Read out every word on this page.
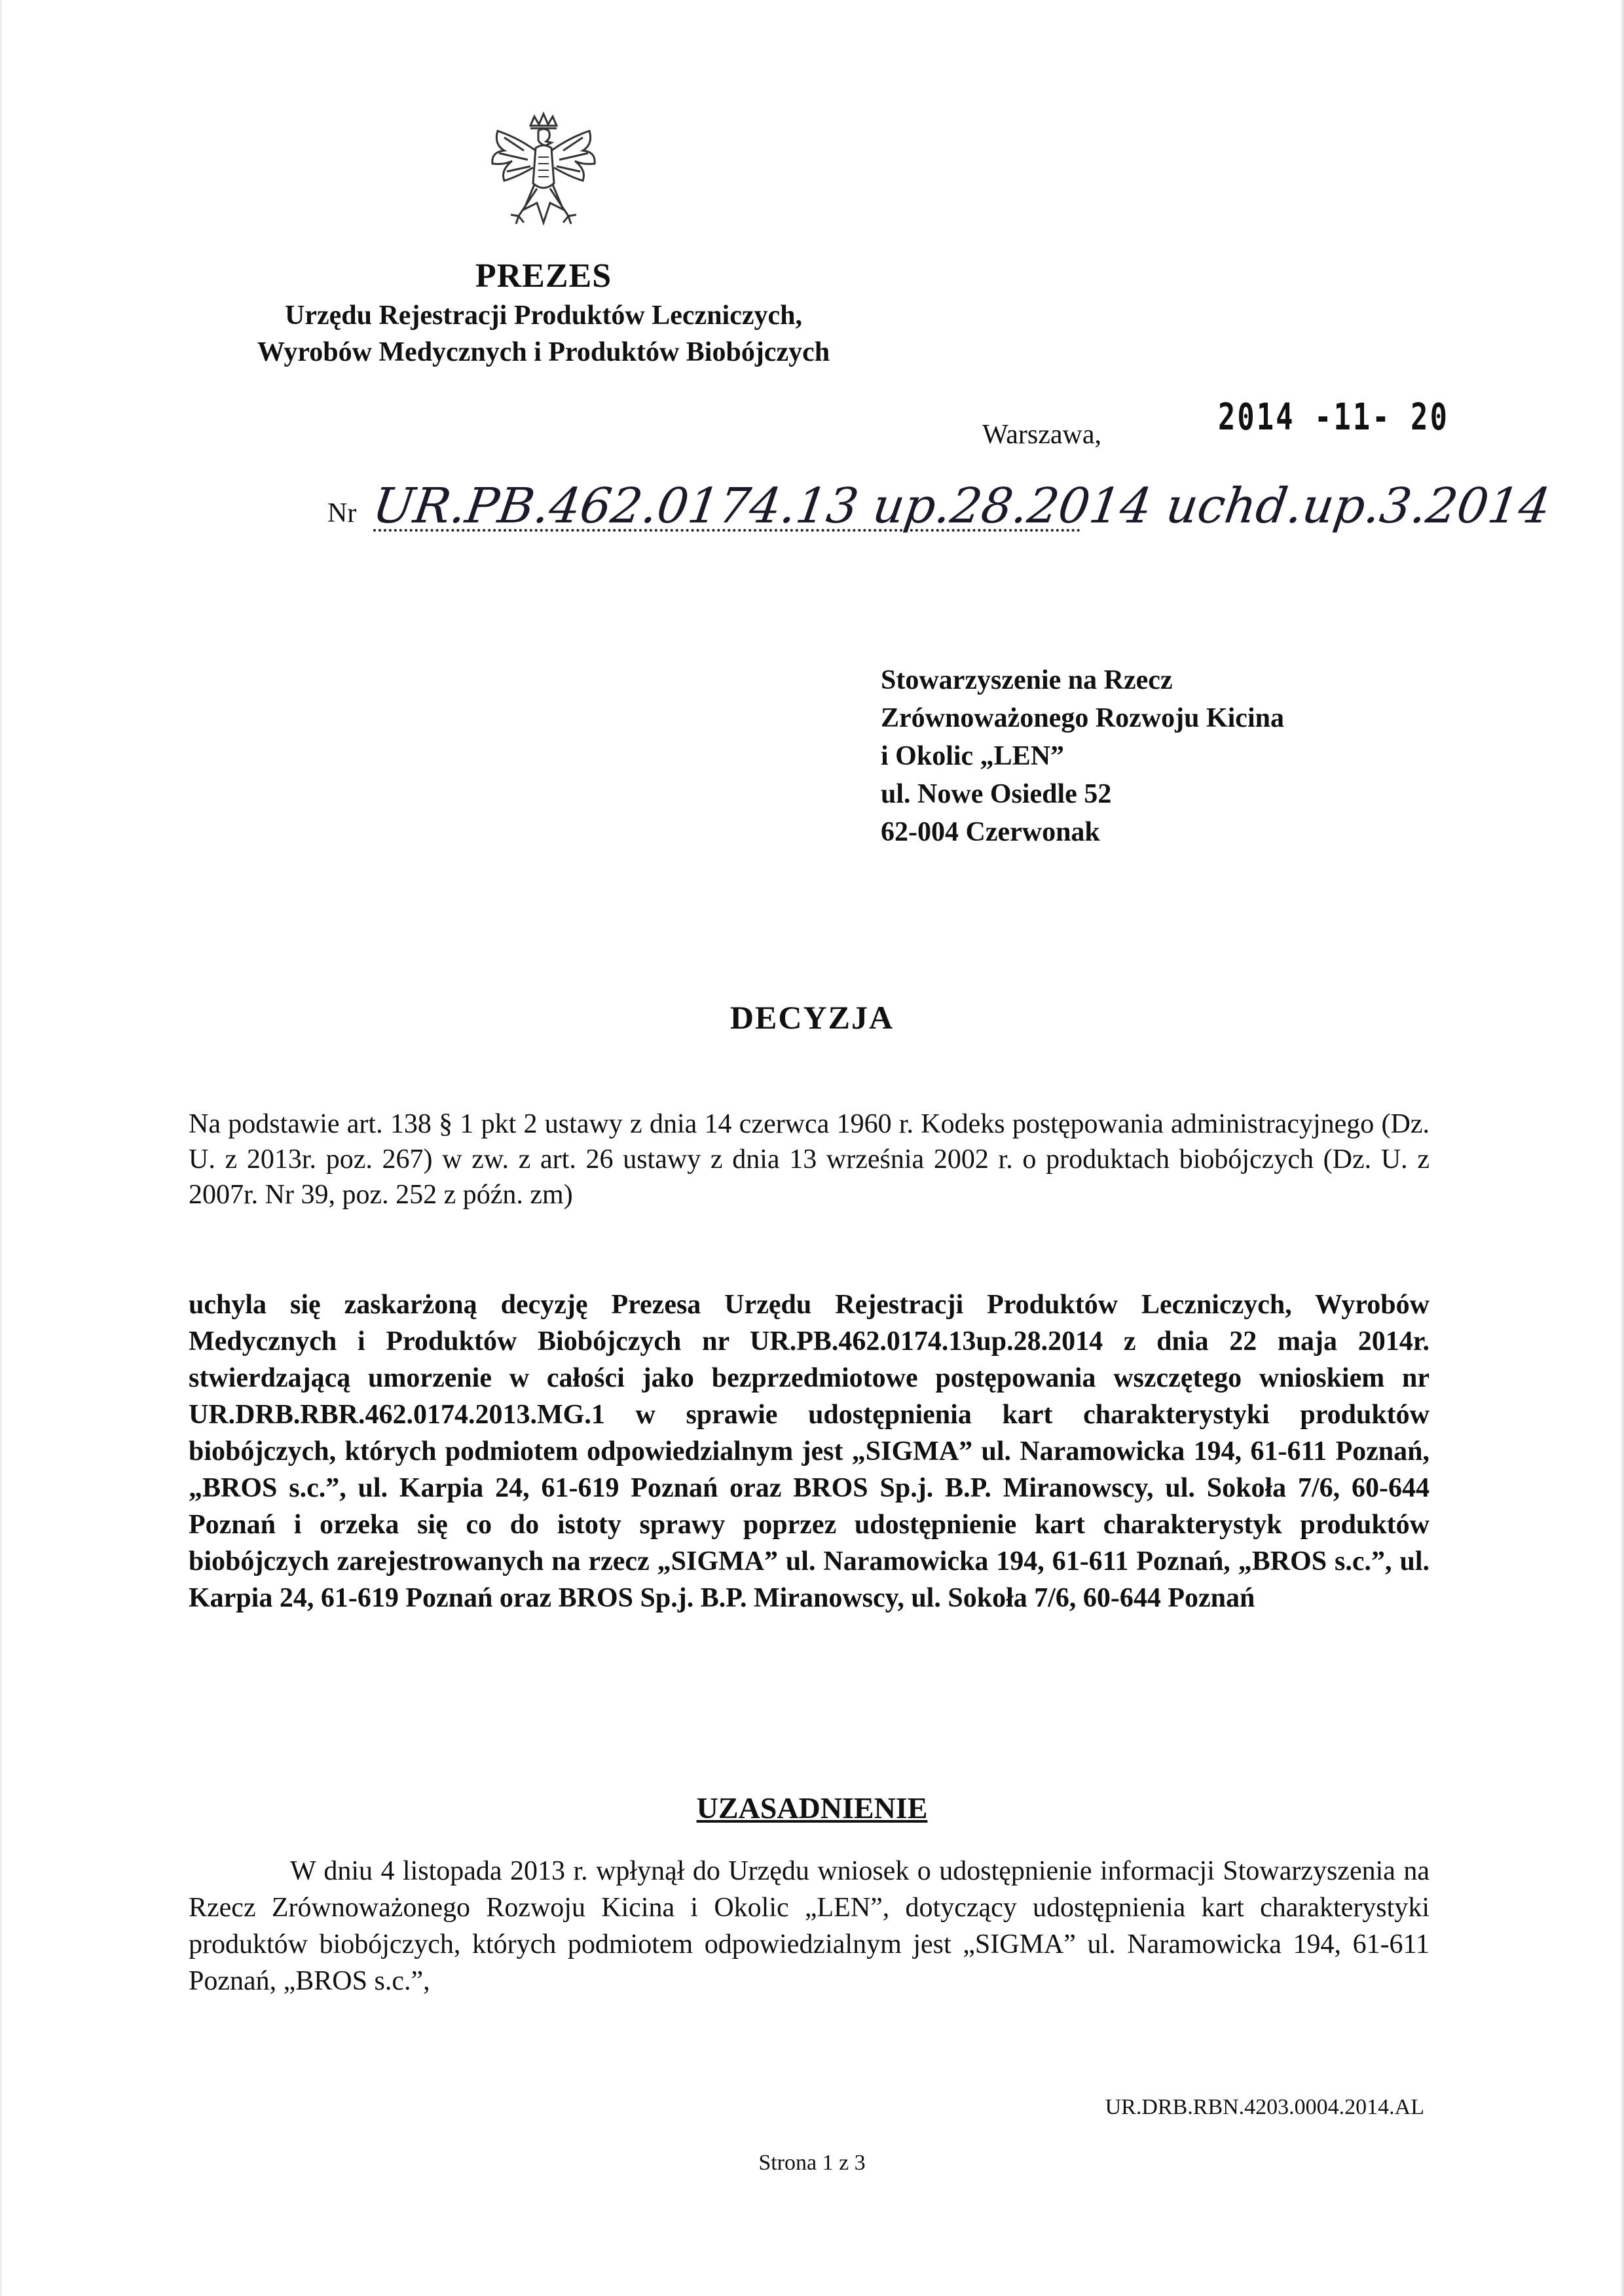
PREZES
Urzędu Rejestracji Produktów Leczniczych,
Wyrobów Medycznych i Produktów Biobójczych
Warszawa,	2014 -11- 20
Nr UR.PB.462.0174.13 up.28.2014 uchd.up.3.2014
Stowarzyszenie na Rzecz
Zrównoważonego Rozwoju Kicina
i Okolic „LEN”
ul. Nowe Osiedle 52
62-004 Czerwonak
DECYZJA
Na podstawie art. 138 § 1 pkt 2 ustawy z dnia 14 czerwca 1960 r. Kodeks postępowania administracyjnego (Dz. U. z 2013r. poz. 267) w zw. z art. 26 ustawy z dnia 13 września 2002 r. o produktach biobójczych (Dz. U. z 2007r. Nr 39, poz. 252 z późn. zm)
uchyla się zaskarżoną decyzję Prezesa Urzędu Rejestracji Produktów Leczniczych, Wyrobów Medycznych i Produktów Biobójczych nr UR.PB.462.0174.13up.28.2014 z dnia 22 maja 2014r. stwierdzającą umorzenie w całości jako bezprzedmiotowe postępowania wszczętego wnioskiem nr UR.DRB.RBR.462.0174.2013.MG.1 w sprawie udostępnienia kart charakterystyki produktów biobójczych, których podmiotem odpowiedzialnym jest „SIGMA” ul. Naramowicka 194, 61-611 Poznań, „BROS s.c.”, ul. Karpia 24, 61-619 Poznań oraz BROS Sp.j. B.P. Miranowscy, ul. Sokoła 7/6, 60-644 Poznań i orzeka się co do istoty sprawy poprzez udostępnienie kart charakterystyk produktów biobójczych zarejestrowanych na rzecz „SIGMA” ul. Naramowicka 194, 61-611 Poznań, „BROS s.c.”, ul. Karpia 24, 61-619 Poznań oraz BROS Sp.j. B.P. Miranowscy, ul. Sokoła 7/6, 60-644 Poznań
UZASADNIENIE
W dniu 4 listopada 2013 r. wpłynął do Urzędu wniosek o udostępnienie informacji Stowarzyszenia na Rzecz Zrównoważonego Rozwoju Kicina i Okolic „LEN”, dotyczący udostępnienia kart charakterystyki produktów biobójczych, których podmiotem odpowiedzialnym jest „SIGMA” ul. Naramowicka 194, 61-611 Poznań, „BROS s.c.”,
UR.DRB.RBN.4203.0004.2014.AL
Strona 1 z 3
